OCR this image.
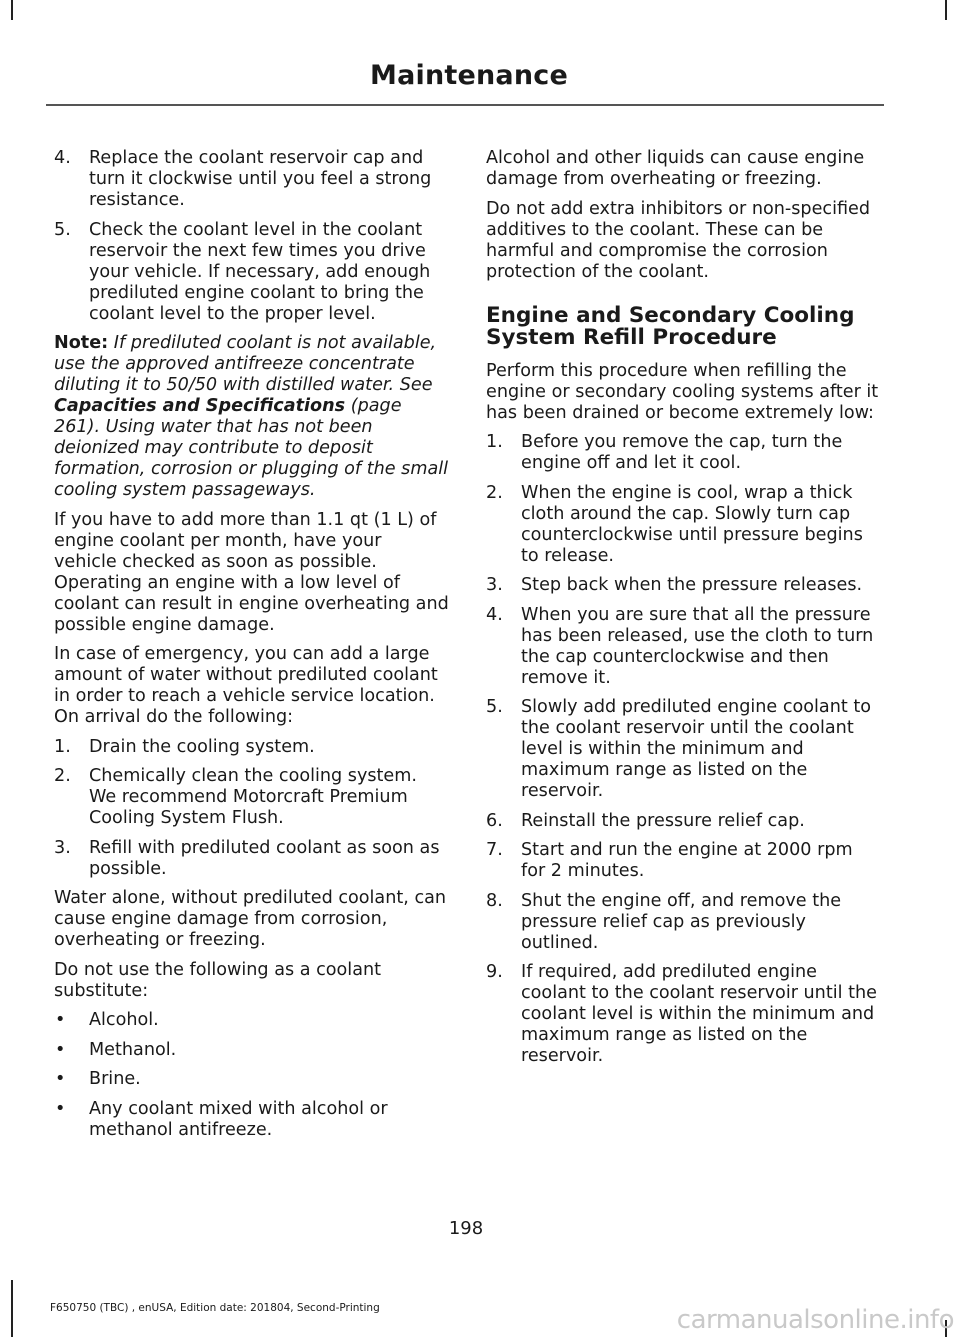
Maintenance
4. Replace the coolant reservoir cap and turn it clockwise until you feel a strong resistance.
5. Check the coolant level in the coolant reservoir the next few times you drive your vehicle. If necessary, add enough prediluted engine coolant to bring the coolant level to the proper level.

Note: If prediluted coolant is not available, use the approved antifreeze concentrate diluting it to 50/50 with distilled water. See Capacities and Specifications (page 261). Using water that has not been deionized may contribute to deposit formation, corrosion or plugging of the small cooling system passageways.

If you have to add more than 1.1 qt (1 L) of engine coolant per month, have your vehicle checked as soon as possible. Operating an engine with a low level of coolant can result in engine overheating and possible engine damage.

In case of emergency, you can add a large amount of water without prediluted coolant in order to reach a vehicle service location. On arrival do the following:

1. Drain the cooling system.
2. Chemically clean the cooling system. We recommend Motorcraft Premium Cooling System Flush.
3. Refill with prediluted coolant as soon as possible.

Water alone, without prediluted coolant, can cause engine damage from corrosion, overheating or freezing.

Do not use the following as a coolant substitute:

• Alcohol.
• Methanol.
• Brine.
• Any coolant mixed with alcohol or methanol antifreeze.

Alcohol and other liquids can cause engine damage from overheating or freezing.

Do not add extra inhibitors or non-specified additives to the coolant. These can be harmful and compromise the corrosion protection of the coolant.

Engine and Secondary Cooling System Refill Procedure

Perform this procedure when refilling the engine or secondary cooling systems after it has been drained or become extremely low:

1. Before you remove the cap, turn the engine off and let it cool.
2. When the engine is cool, wrap a thick cloth around the cap. Slowly turn cap counterclockwise until pressure begins to release.
3. Step back when the pressure releases.
4. When you are sure that all the pressure has been released, use the cloth to turn the cap counterclockwise and then remove it.
5. Slowly add prediluted engine coolant to the coolant reservoir until the coolant level is within the minimum and maximum range as listed on the reservoir.
6. Reinstall the pressure relief cap.
7. Start and run the engine at 2000 rpm for 2 minutes.
8. Shut the engine off, and remove the pressure relief cap as previously outlined.
9. If required, add prediluted engine coolant to the coolant reservoir until the coolant level is within the minimum and maximum range as listed on the reservoir.
198
F650750 (TBC) , enUSA, Edition date: 201804, Second-Printing	carmanualsonline.info
